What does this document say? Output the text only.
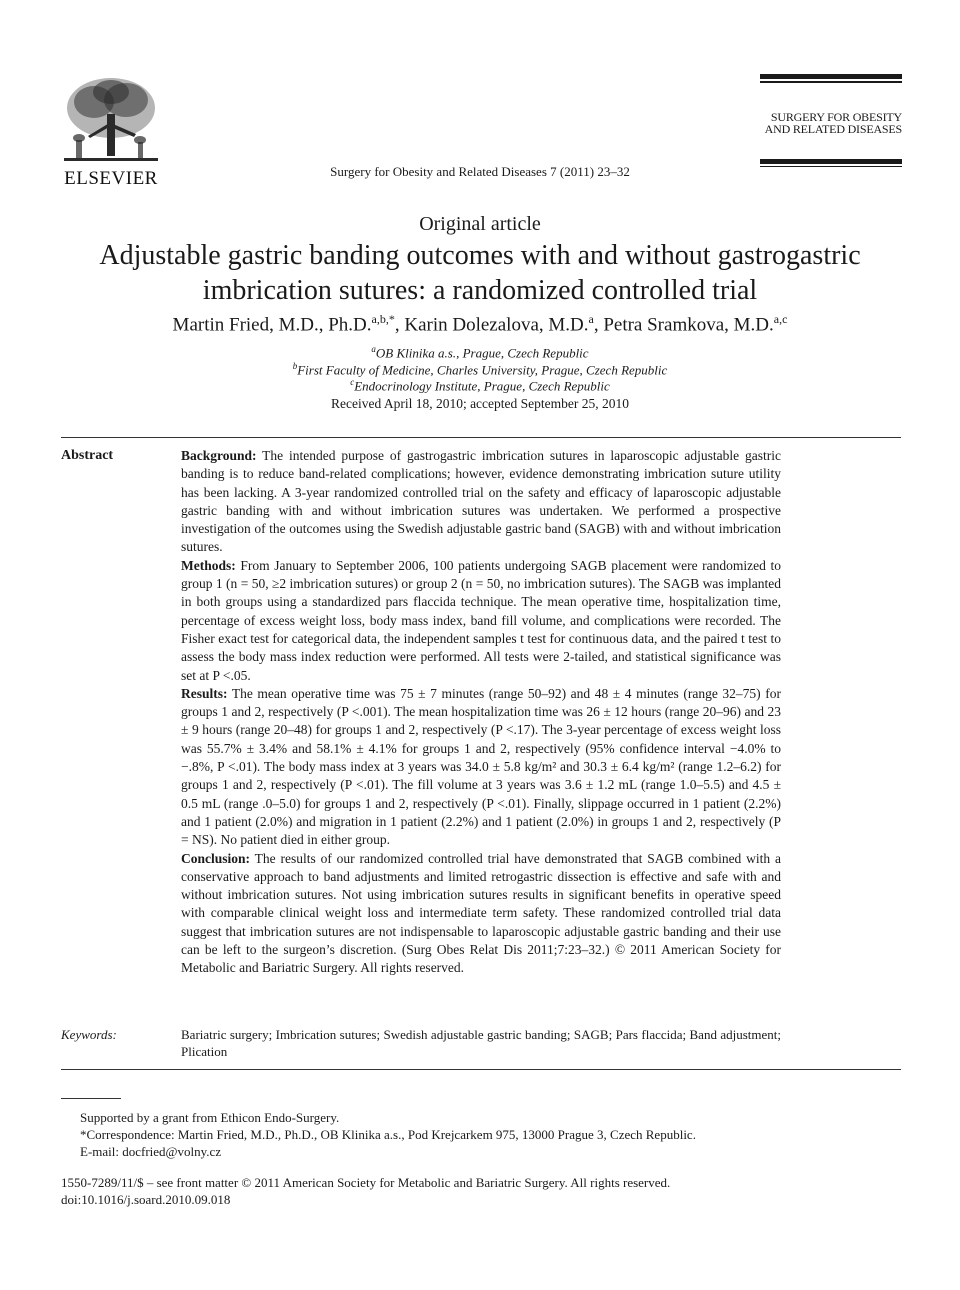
ELSEVIER	Surgery for Obesity and Related Diseases 7 (2011) 23–32
SURGERY FOR OBESITY
AND RELATED DISEASES
Original article
Adjustable gastric banding outcomes with and without gastrogastric imbrication sutures: a randomized controlled trial
Martin Fried, M.D., Ph.D.$^{a,b,*}$, Karin Dolezalova, M.D.$^a$, Petra Sramkova, M.D.$^{a,c}$
$^a$OB Klinika a.s., Prague, Czech Republic
$^b$First Faculty of Medicine, Charles University, Prague, Czech Republic
$^c$Endocrinology Institute, Prague, Czech Republic
Received April 18, 2010; accepted September 25, 2010
Abstract	Background: The intended purpose of gastrogastric imbrication sutures in laparoscopic adjustable gastric banding is to reduce band-related complications; however, evidence demonstrating imbrication suture utility has been lacking. A 3-year randomized controlled trial on the safety and efficacy of laparoscopic adjustable gastric banding with and without imbrication sutures was undertaken. We performed a prospective investigation of the outcomes using the Swedish adjustable gastric band (SAGB) with and without imbrication sutures.

Methods: From January to September 2006, 100 patients undergoing SAGB placement were randomized to group 1 (n = 50, ≥2 imbrication sutures) or group 2 (n = 50, no imbrication sutures). The SAGB was implanted in both groups using a standardized pars flaccida technique. The mean operative time, hospitalization time, percentage of excess weight loss, body mass index, band fill volume, and complications were recorded. The Fisher exact test for categorical data, the independent samples t test for continuous data, and the paired t test to assess the body mass index reduction were performed. All tests were 2-tailed, and statistical significance was set at P <.05.

Results: The mean operative time was 75 ± 7 minutes (range 50–92) and 48 ± 4 minutes (range 32–75) for groups 1 and 2, respectively (P <.001). The mean hospitalization time was 26 ± 12 hours (range 20–96) and 23 ± 9 hours (range 20–48) for groups 1 and 2, respectively (P <.17). The 3-year percentage of excess weight loss was 55.7% ± 3.4% and 58.1% ± 4.1% for groups 1 and 2, respectively (95% confidence interval −4.0% to −.8%, P <.01). The body mass index at 3 years was 34.0 ± 5.8 kg/m² and 30.3 ± 6.4 kg/m² (range 1.2–6.2) for groups 1 and 2, respectively (P <.01). The fill volume at 3 years was 3.6 ± 1.2 mL (range 1.0–5.5) and 4.5 ± 0.5 mL (range .0–5.0) for groups 1 and 2, respectively (P <.01). Finally, slippage occurred in 1 patient (2.2%) and 1 patient (2.0%) and migration in 1 patient (2.2%) and 1 patient (2.0%) in groups 1 and 2, respectively (P = NS). No patient died in either group.

Conclusion: The results of our randomized controlled trial have demonstrated that SAGB combined with a conservative approach to band adjustments and limited retrogastric dissection is effective and safe with and without imbrication sutures. Not using imbrication sutures results in significant benefits in operative speed with comparable clinical weight loss and intermediate term safety. These randomized controlled trial data suggest that imbrication sutures are not indispensable to laparoscopic adjustable gastric banding and their use can be left to the surgeon’s discretion. (Surg Obes Relat Dis 2011;7:23–32.) © 2011 American Society for Metabolic and Bariatric Surgery. All rights reserved.

Keywords:	Bariatric surgery; Imbrication sutures; Swedish adjustable gastric banding; SAGB; Pars flaccida; Band adjustment; Plication
Supported by a grant from Ethicon Endo-Surgery.
*Correspondence: Martin Fried, M.D., Ph.D., OB Klinika a.s., Pod Krejcarkem 975, 13000 Prague 3, Czech Republic.
E-mail: docfried@volny.cz
1550-7289/11/$ – see front matter © 2011 American Society for Metabolic and Bariatric Surgery. All rights reserved.
doi:10.1016/j.soard.2010.09.018
